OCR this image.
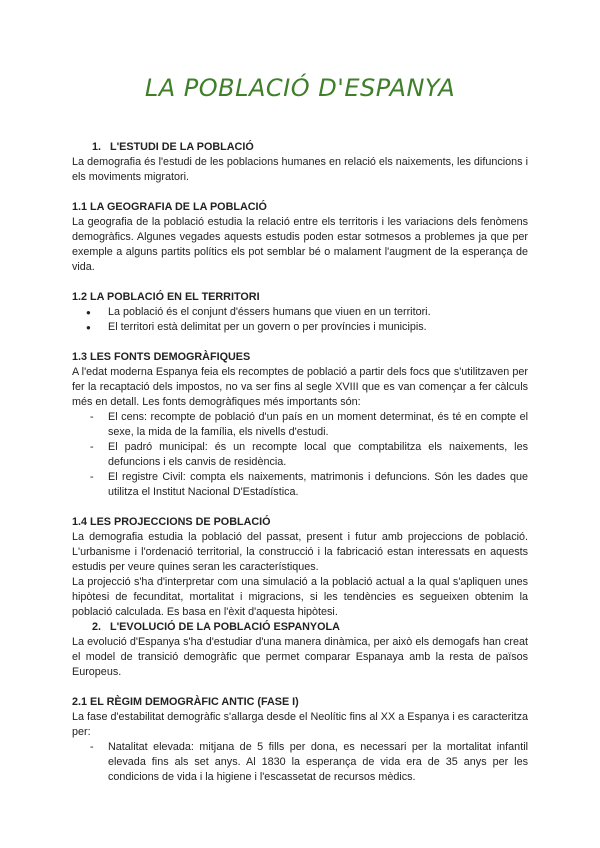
LA POBLACIÓ D'ESPANYA
1. L'ESTUDI DE LA POBLACIÓ

La demografia és l'estudi de les poblacions humanes en relació els naixements, les difuncions i els moviments migratori.

1.1 LA GEOGRAFIA DE LA POBLACIÓ

La geografia de la població estudia la relació entre els territoris i les variacions dels fenòmens demogràfics. Algunes vegades aquests estudis poden estar sotmesos a problemes ja que per exemple a alguns partits polítics els pot semblar bé o malament l'augment de la esperança de vida.

1.2 LA POBLACIÓ EN EL TERRITORI
● La població és el conjunt d'éssers humans que viuen en un territori.
● El territori està delimitat per un govern o per províncies i municipis.
1.3 LES FONTS DEMOGRÀFIQUES

A l'edat moderna Espanya feia els recomptes de població a partir dels focs que s'utilitzaven per fer la recaptació dels impostos, no va ser fins al segle XVIII que es van començar a fer càlculs més en detall. Les fonts demogràfiques més importants són:

- El cens: recompte de població d'un país en un moment determinat, és té en compte el sexe, la mida de la família, els nivells d'estudi.
- El padró municipal: és un recompte local que comptabilitza els naixements, les defuncions i els canvis de residència.
- El registre Civil: compta els naixements, matrimonis i defuncions. Són les dades que utilitza el Institut Nacional D'Estadística.
1.4 LES PROJECCIONS DE POBLACIÓ

La demografia estudia la població del passat, present i futur amb projeccions de població. L'urbanisme i l'ordenació territorial, la construcció i la fabricació estan interessats en aquests estudis per veure quines seran les característiques.

La projecció s'ha d'interpretar com una simulació a la població actual a la qual s'apliquen unes hipòtesi de fecunditat, mortalitat i migracions, si les tendències es segueixen obtenim la població calculada. Es basa en l'èxit d'aquesta hipòtesi.

2. L'EVOLUCIÓ DE LA POBLACIÓ ESPANYOLA

La evolució d'Espanya s'ha d'estudiar d'una manera dinàmica, per això els demogafs han creat el model de transició demogràfic que permet comparar Espanaya amb la resta de països Europeus.

2.1 EL RÈGIM DEMOGRÀFIC ANTIC (FASE I)

La fase d'estabilitat demogràfic s'allarga desde el Neolític fins al XX a Espanya i es caracteritza per:

- Natalitat elevada: mitjana de 5 fills per dona, es necessari per la mortalitat infantil elevada fins als set anys. Al 1830 la esperança de vida era de 35 anys per les condicions de vida i la higiene i l'escassetat de recursos mèdics.
